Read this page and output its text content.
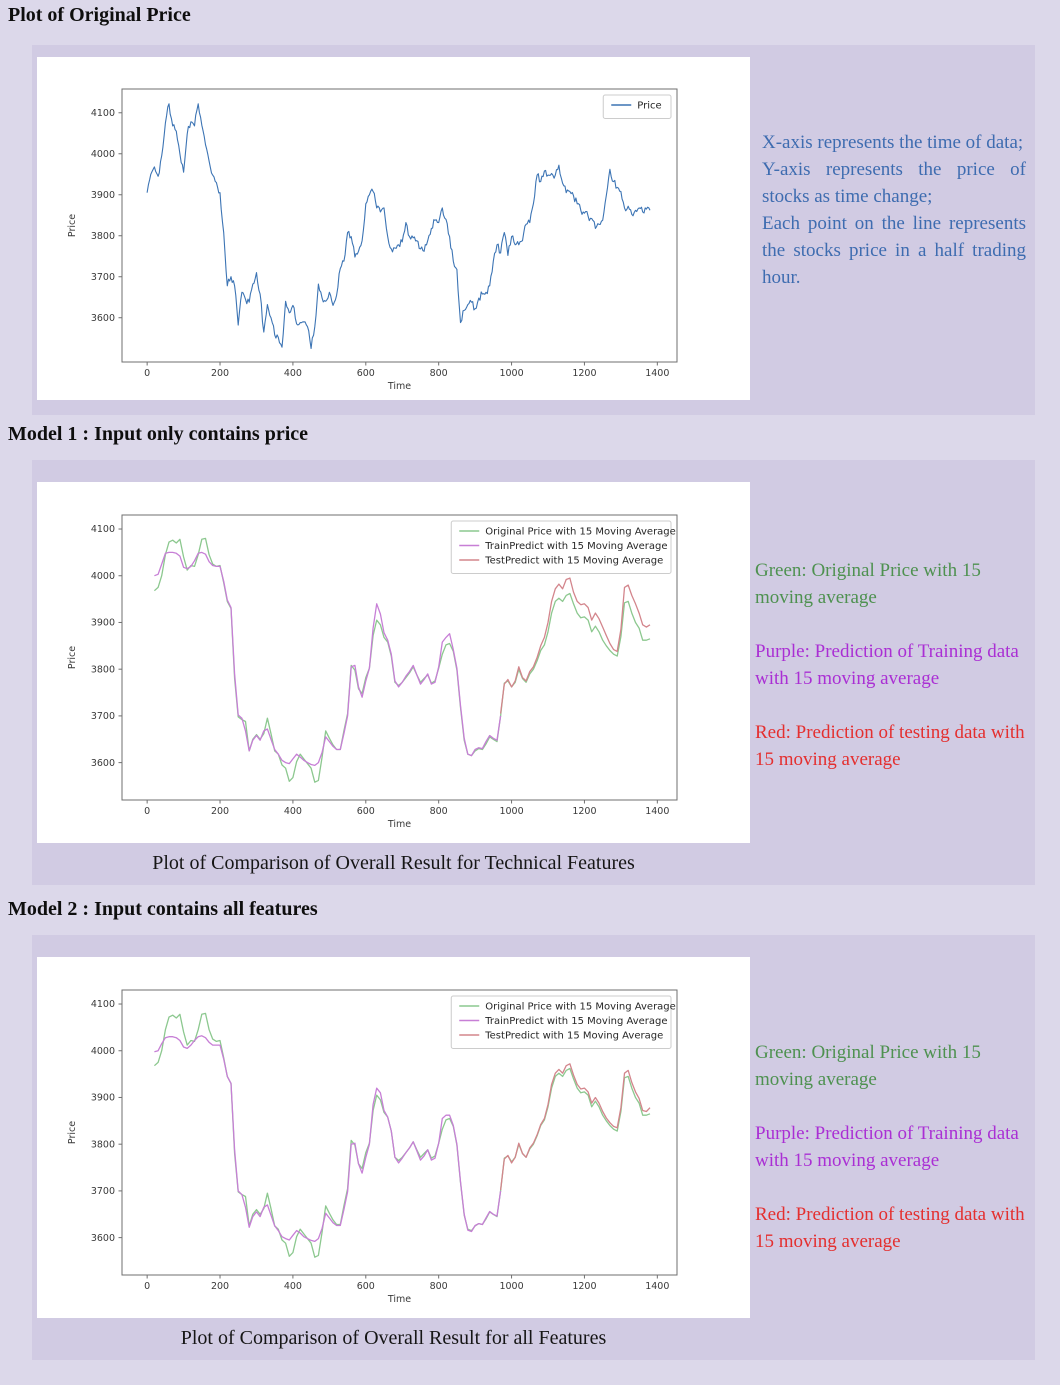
Plot of Original Price
0	200	400	600	800	1000	1200	1400
3600
3700
3800
3900
4000
4100
Time
Price
Price

X-axis represents the time of data;

Y-axis represents the price of stocks as time change;

Each point on the line represents the stocks price in a half trading hour.

Model 1 : Input only contains price
0	200	400	600	800	1000	1200	1400
3600
3700
3800
3900
4000
4100
Time
Price
Original Price with 15 Moving Average
TrainPredict with 15 Moving Average
TestPredict with 15 Moving Average
Plot of Comparison of Overall Result for Technical Features

Green: Original Price with 15 moving average

Purple: Prediction of Training data with 15 moving average

Red: Prediction of testing data with 15 moving average

Model 2 : Input contains all features
0	200	400	600	800	1000	1200	1400
3600
3700
3800
3900
4000
4100
Time
Price
Original Price with 15 Moving Average
TrainPredict with 15 Moving Average
TestPredict with 15 Moving Average
Plot of Comparison of Overall Result for all Features

Green: Original Price with 15 moving average

Purple: Prediction of Training data with 15 moving average

Red: Prediction of testing data with 15 moving average
